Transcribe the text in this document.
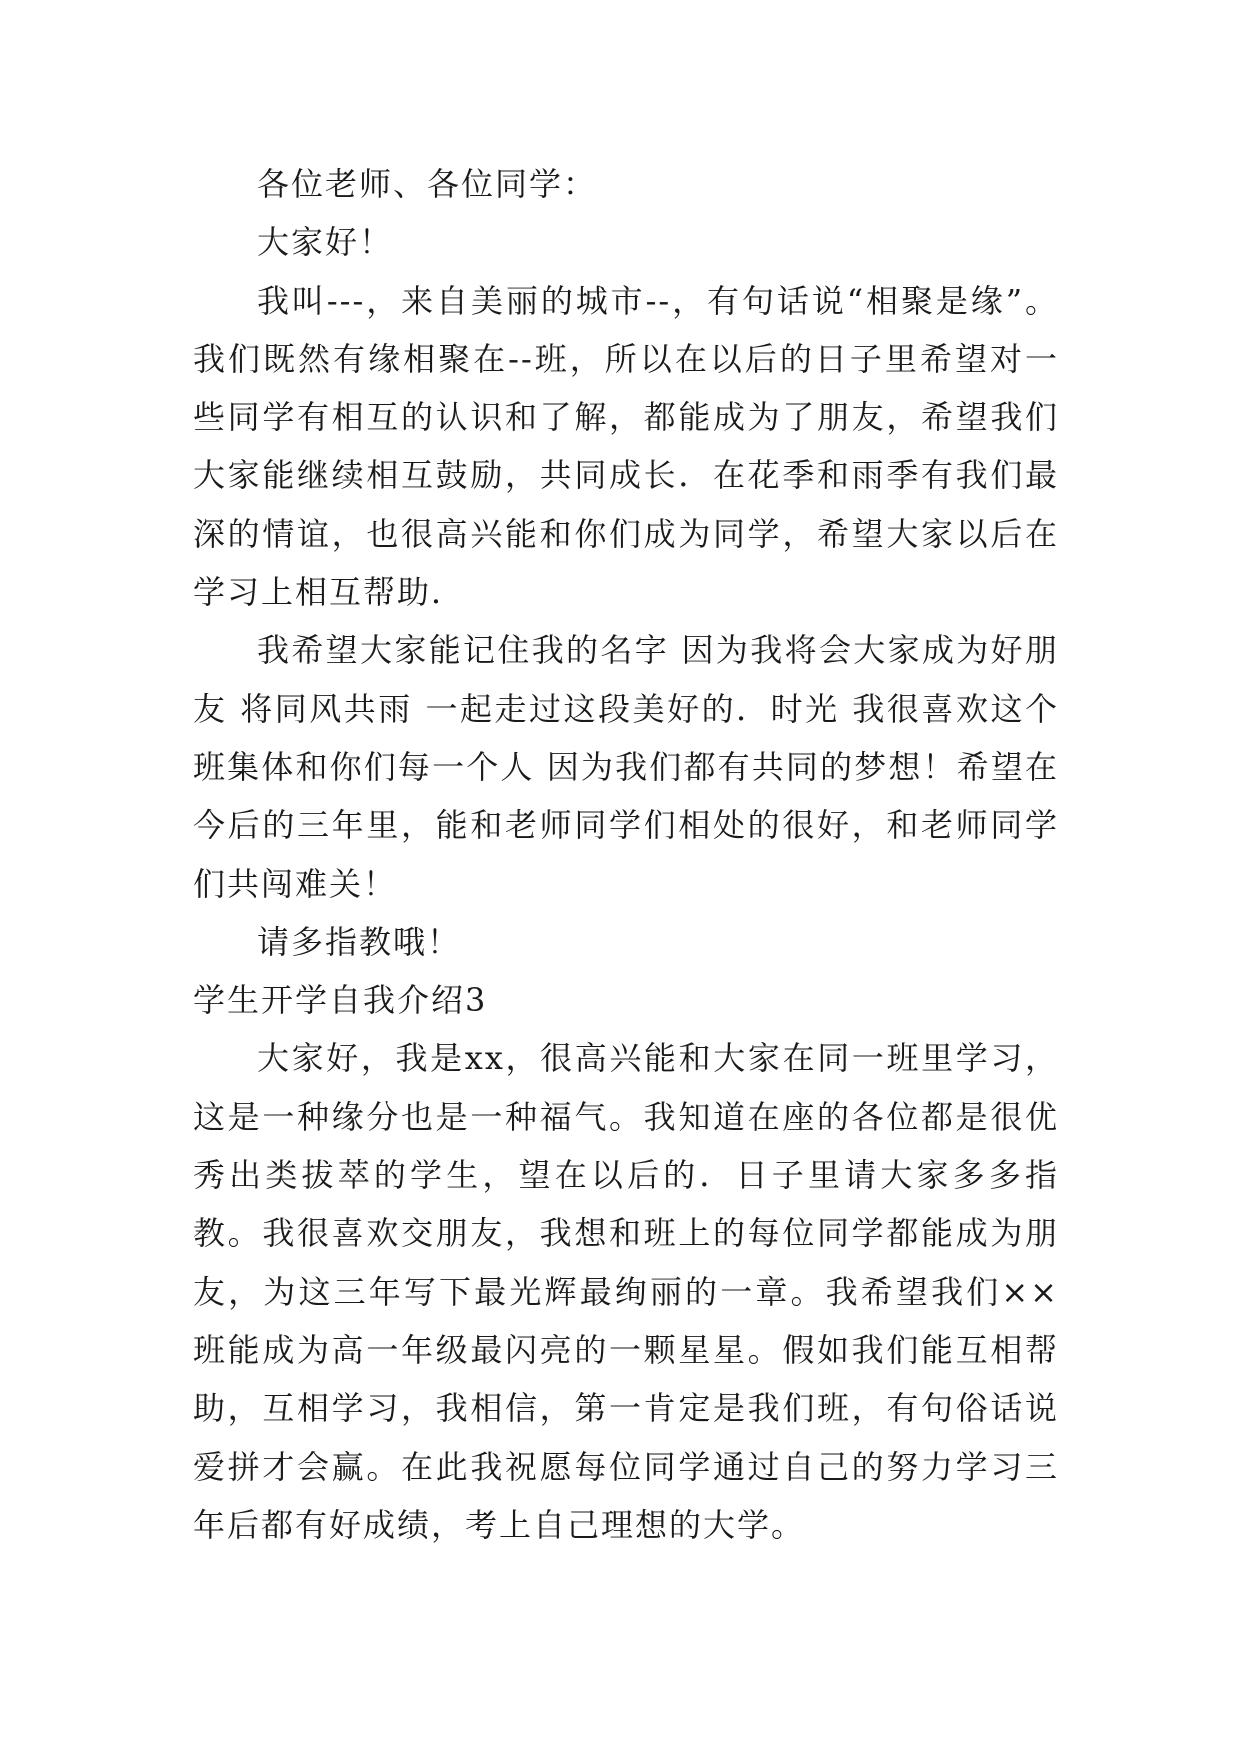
各位老师、各位同学：

大家好！

我叫---，来自美丽的城市--，有句话说“相聚是缘”。我们既然有缘相聚在--班，所以在以后的日子里希望对一些同学有相互的认识和了解，都能成为了朋友，希望我们大家能继续相互鼓励，共同成长．在花季和雨季有我们最深的情谊，也很高兴能和你们成为同学，希望大家以后在学习上相互帮助．

我希望大家能记住我的名字 因为我将会大家成为好朋友 将同风共雨 一起走过这段美好的．时光 我很喜欢这个班集体和你们每一个人 因为我们都有共同的梦想！希望在今后的三年里，能和老师同学们相处的很好，和老师同学们共闯难关！

请多指教哦！

学生开学自我介绍3

大家好，我是xx，很高兴能和大家在同一班里学习，这是一种缘分也是一种福气。我知道在座的各位都是很优秀出类拔萃的学生，望在以后的．日子里请大家多多指教。我很喜欢交朋友，我想和班上的每位同学都能成为朋友，为这三年写下最光辉最绚丽的一章。我希望我们××班能成为高一年级最闪亮的一颗星星。假如我们能互相帮助，互相学习，我相信，第一肯定是我们班，有句俗话说爱拼才会赢。在此我祝愿每位同学通过自己的努力学习三年后都有好成绩，考上自己理想的大学。
